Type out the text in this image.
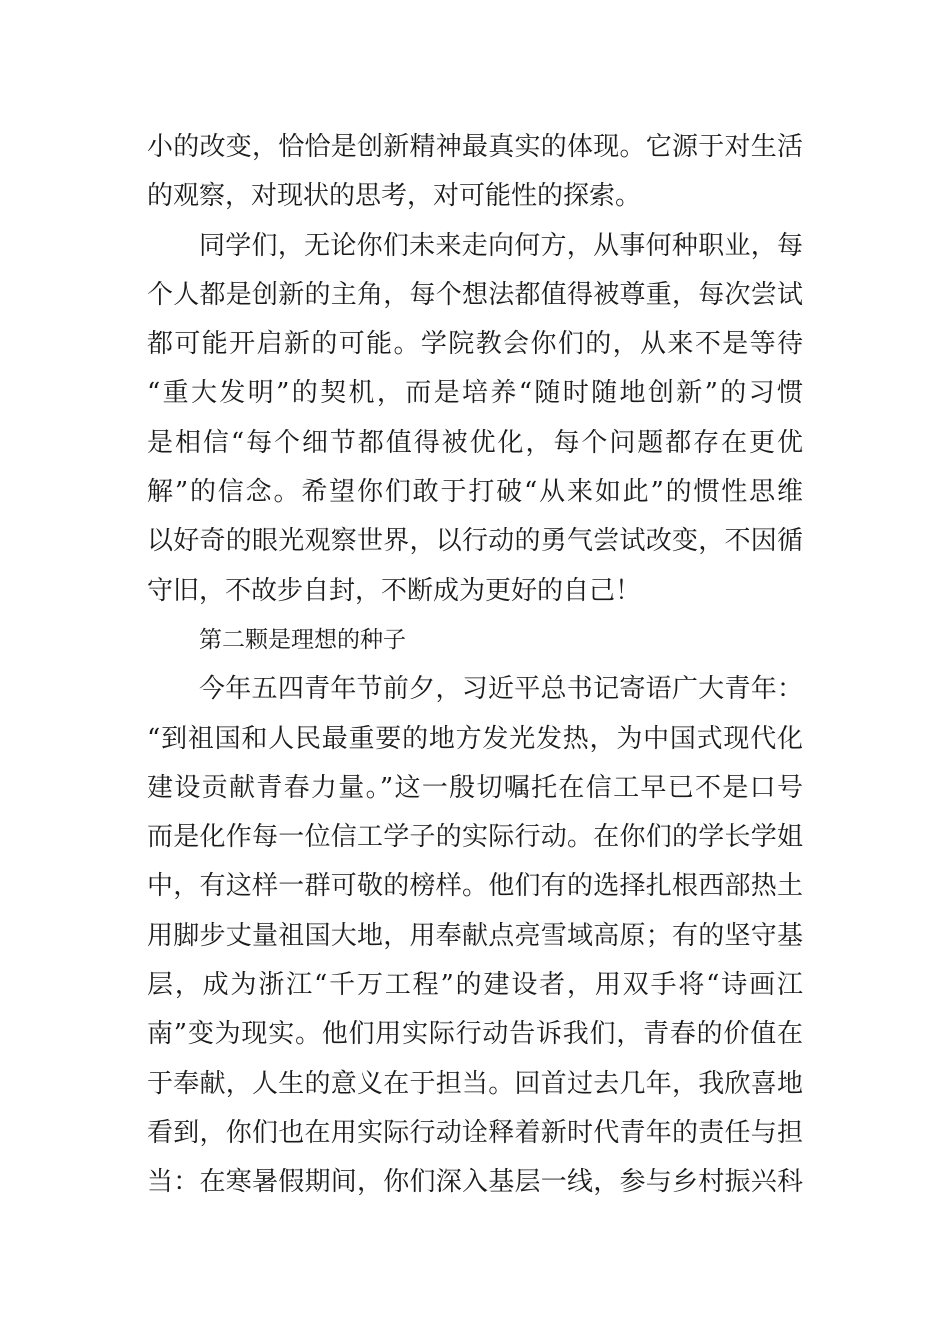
小的改变，恰恰是创新精神最真实的体现。它源于对生活
的观察，对现状的思考，对可能性的探索。
同学们，无论你们未来走向何方，从事何种职业，每
个人都是创新的主角，每个想法都值得被尊重，每次尝试
都可能开启新的可能。学院教会你们的，从来不是等待
“重大发明”的契机，而是培养“随时随地创新”的习惯
是相信“每个细节都值得被优化，每个问题都存在更优
解”的信念。希望你们敢于打破“从来如此”的惯性思维
以好奇的眼光观察世界，以行动的勇气尝试改变，不因循
守旧，不故步自封，不断成为更好的自己！
第二颗是理想的种子
今年五四青年节前夕，习近平总书记寄语广大青年：
“到祖国和人民最重要的地方发光发热，为中国式现代化
建设贡献青春力量。”这一殷切嘱托在信工早已不是口号
而是化作每一位信工学子的实际行动。在你们的学长学姐
中，有这样一群可敬的榜样。他们有的选择扎根西部热土
用脚步丈量祖国大地，用奉献点亮雪域高原；有的坚守基
层，成为浙江“千万工程”的建设者，用双手将“诗画江
南”变为现实。他们用实际行动告诉我们，青春的价值在
于奉献，人生的意义在于担当。回首过去几年，我欣喜地
看到，你们也在用实际行动诠释着新时代青年的责任与担
当：在寒暑假期间，你们深入基层一线，参与乡村振兴科
